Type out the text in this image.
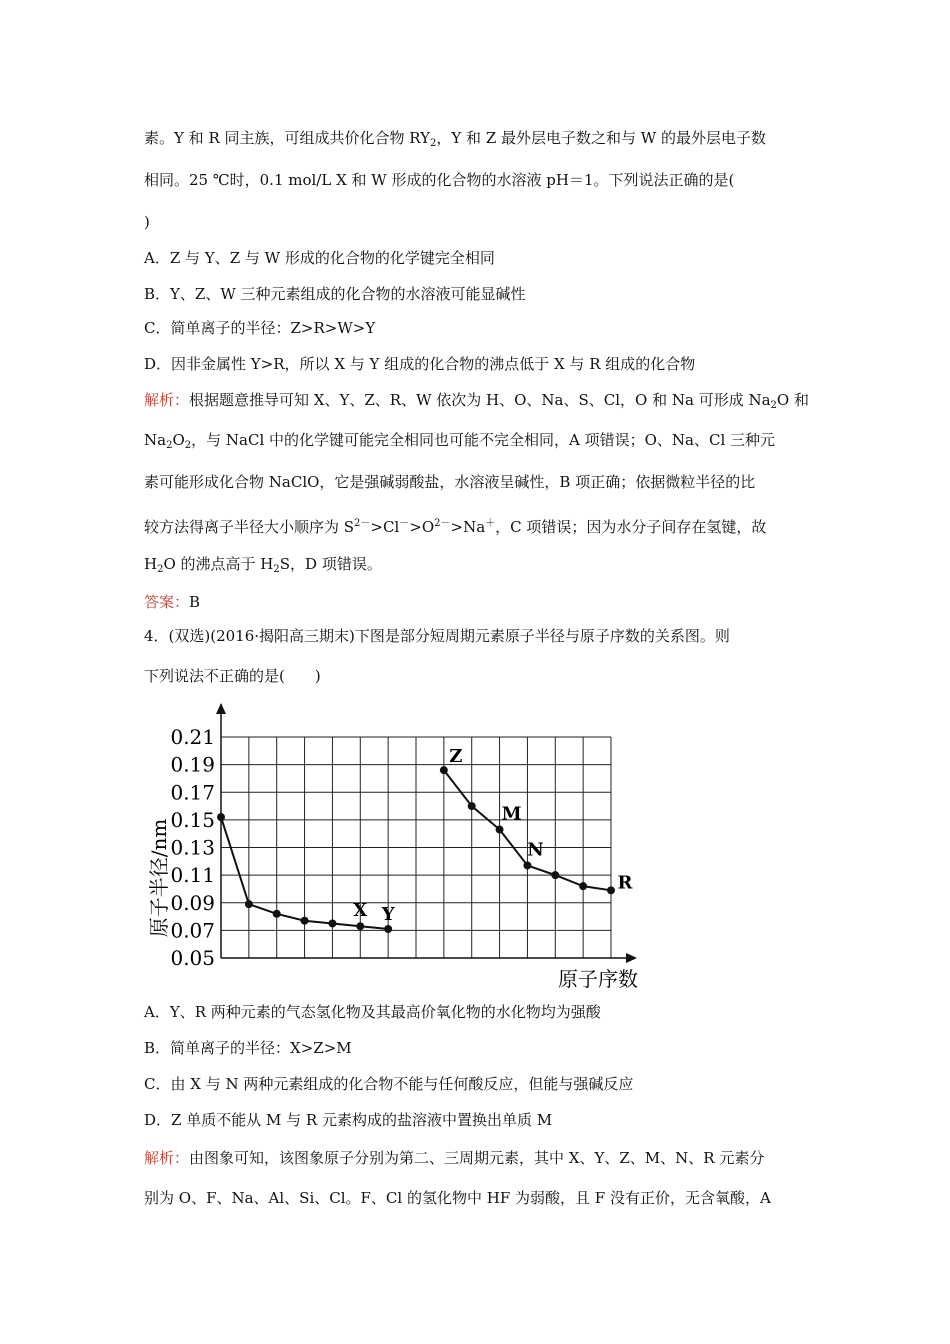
素。Y 和 R 同主族，可组成共价化合物 $RY_2$，Y 和 Z 最外层电子数之和与 W 的最外层电子数
相同。25 ℃时，0.1 mol/L X 和 W 形成的化合物的水溶液 pH＝1。下列说法正确的是(
)
A．Z 与 Y、Z 与 W 形成的化合物的化学键完全相同
B．Y、Z、W 三种元素组成的化合物的水溶液可能显碱性
C．简单离子的半径：Z>R>W>Y
D．因非金属性 Y>R，所以 X 与 Y 组成的化合物的沸点低于 X 与 R 组成的化合物
解析：根据题意推导可知 X、Y、Z、R、W 依次为 H、O、Na、S、Cl，O 和 Na 可形成 $Na_2O$ 和
$Na_2O_2$，与 NaCl 中的化学键可能完全相同也可能不完全相同，A 项错误；O、Na、Cl 三种元
素可能形成化合物 NaClO，它是强碱弱酸盐，水溶液呈碱性，B 项正确；依据微粒半径的比
较方法得离子半径大小顺序为 $S^{2-}>Cl^->O^{2-}>Na^+$，C 项错误；因为水分子间存在氢键，故
$H_2O$ 的沸点高于 $H_2S$，D 项错误。
答案：B
4．(双选)(2016·揭阳高三期末)下图是部分短周期元素原子半径与原子序数的关系图。则
下列说法不正确的是(　　)
0.21
0.19
0.17
0.15
0.13
0.11
0.09
0.07
0.05
X Y
Z
M
N
R
原子半径/nm
原子序数
A．Y、R 两种元素的气态氢化物及其最高价氧化物的水化物均为强酸
B．简单离子的半径：X>Z>M
C．由 X 与 N 两种元素组成的化合物不能与任何酸反应，但能与强碱反应
D．Z 单质不能从 M 与 R 元素构成的盐溶液中置换出单质 M
解析：由图象可知，该图象原子分别为第二、三周期元素，其中 X、Y、Z、M、N、R 元素分
别为 O、F、Na、Al、Si、Cl。F、Cl 的氢化物中 HF 为弱酸，且 F 没有正价，无含氧酸，A
